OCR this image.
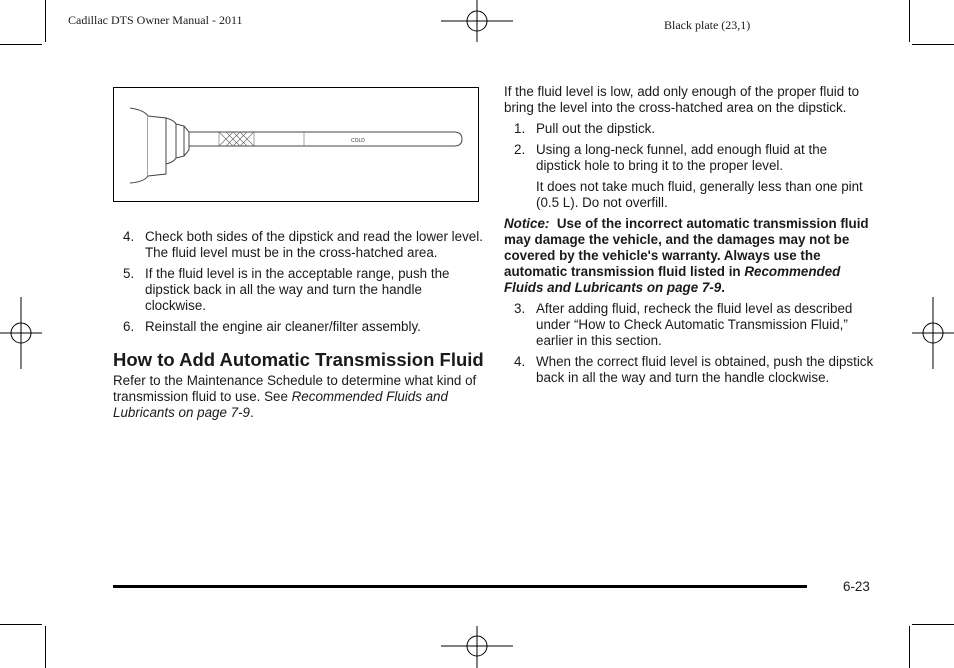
Cadillac DTS Owner Manual - 2011	Black plate (23,1)
COLD
4. Check both sides of the dipstick and read the lower level. The fluid level must be in the cross-hatched area.
5. If the fluid level is in the acceptable range, push the dipstick back in all the way and turn the handle clockwise.
6. Reinstall the engine air cleaner/filter assembly.
How to Add Automatic Transmission Fluid

Refer to the Maintenance Schedule to determine what kind of transmission fluid to use. See Recommended Fluids and Lubricants on page 7-9.

If the fluid level is low, add only enough of the proper fluid to bring the level into the cross-hatched area on the dipstick.

1. Pull out the dipstick.
2. Using a long-neck funnel, add enough fluid at the dipstick hole to bring it to the proper level.

It does not take much fluid, generally less than one pint (0.5 L). Do not overfill.

Notice: Use of the incorrect automatic transmission fluid may damage the vehicle, and the damages may not be covered by the vehicle's warranty. Always use the automatic transmission fluid listed in Recommended Fluids and Lubricants on page 7-9.

3. After adding fluid, recheck the fluid level as described under “How to Check Automatic Transmission Fluid,” earlier in this section.
4. When the correct fluid level is obtained, push the dipstick back in all the way and turn the handle clockwise.
6-23
